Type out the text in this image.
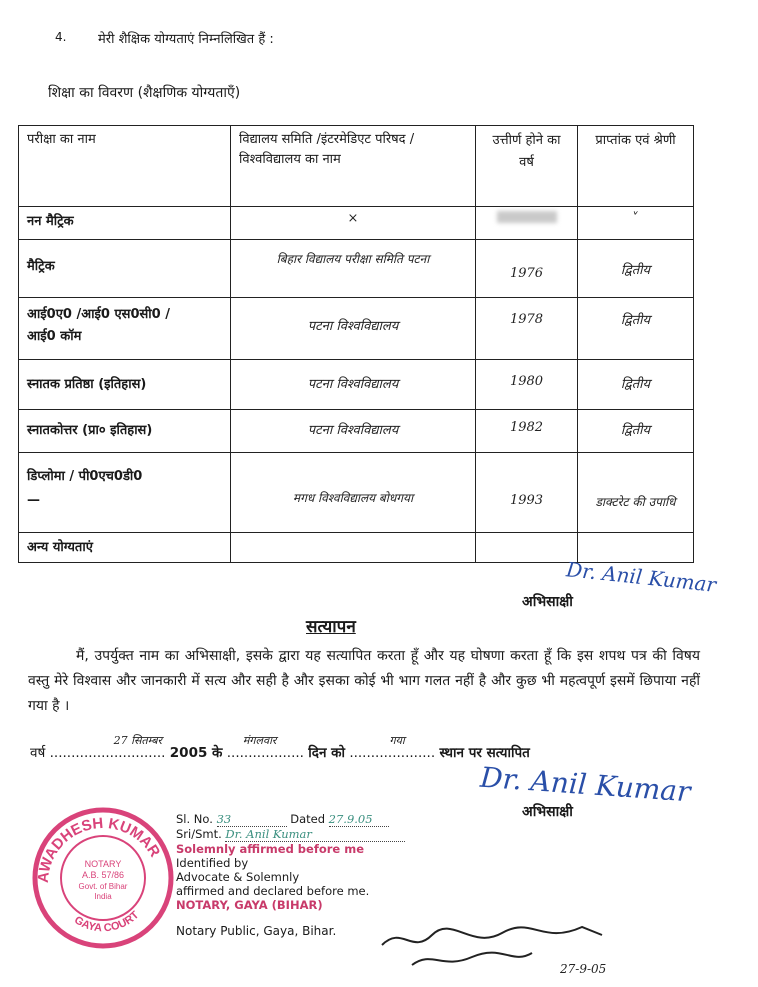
4. मेरी शैक्षिक योग्यताएं निम्नलिखित हैं :
शिक्षा का विवरण (शैक्षणिक योग्यताएँ)
परीक्षा का नाम	विद्यालय समिति /इंटरमेडिएट परिषद / विश्वविद्यालय का नाम	उत्तीर्ण होने का वर्ष	प्राप्तांक एवं श्रेणी

नन मैट्रिक	×		˅
मैट्रिक	बिहार विद्यालय परीक्षा समिति पटना	1976	द्वितीय

आई0ए0 /आई0 एस0सी0 / आई0 कॉम	पटना विश्वविद्यालय	1978	द्वितीय
स्नातक प्रतिष्ठा (इतिहास)	पटना विश्वविद्यालय	1980	द्वितीय
स्नातकोत्तर (प्रा० इतिहास)	पटना विश्वविद्यालय	1982	द्वितीय

डिप्लोमा / पी0एच0डी0 —	मगध विश्वविद्यालय बोधगया	1993	डाक्टरेट की उपाधि
अन्य योग्यताएं			
Dr. Anil Kumar
अभिसाक्षी
सत्यापन
मैं, उपर्युक्त नाम का अभिसाक्षी, इसके द्वारा यह सत्यापित करता हूँ और यह घोषणा करता हूँ कि इस शपथ पत्र की विषय वस्तु मेरे विश्वास और जानकारी में सत्य और सही है और इसका कोई भी भाग गलत नहीं है और कुछ भी महत्वपूर्ण इसमें छिपाया नहीं गया है ।
वर्ष ...........................
27 सितम्बर
2005 के ..................
मंगलवार
दिन को ....................
गया
स्थान पर सत्यापित
Dr. Anil Kumar
अभिसाक्षी
Sl. No. 33	Dated 27.9.05
Sri/Smt. Dr. Anil Kumar
Solemnly affirmed before me
Identified by
Advocate & Solemnly
affirmed and declared before me.
NOTARY, GAYA (BIHAR)
Notary Public, Gaya, Bihar.
AWADHESH KUMAR
GAYA COURT
NOTARY
A.B. 57/86
Govt. of Bihar
India
27-9-05
